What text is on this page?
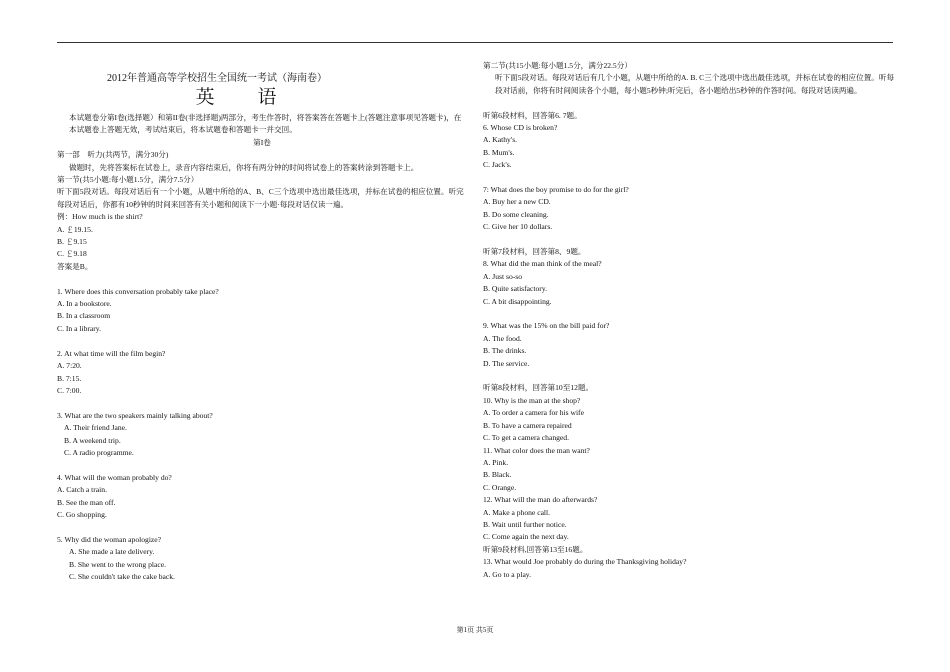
2012年普通高等学校招生全国统一考试（海南卷）
英　语
本试题卷分第I卷(选择题）和第II卷(非选择题)两部分，考生作答时，将答案答在答题卡上(答题注意事项见答题卡)，在本试题卷上答题无效，考试结束后，将本试题卷和答题卡一并交回。
第I卷
第一部　听力(共两节，满分30分)
做题时，先将答案标在试卷上，录音内容结束后，你将有两分钟的时间将试卷上的答案转涂到答题卡上。
第一节(共5小题:每小题1.5分，满分7.5分）
听下面5段对话。每段对话后有一个小题，从题中所给的A、B、C三个选项中选出最佳选项，并标在试卷的相应位置。听完每段对话后，你都有10秒钟的时间来回答有关小题和阅读下一小题·每段对话仅读一遍。
例：How much is the shirt?
A. ￡19.15.
B. ￡9.15
C. ￡9.18
答案是B。
1. Where does this conversation probably take place?
A. In a bookstore.
B. In a classroom
C. In a library.
2. At what time will the film begin?
A. 7:20.
B. 7:15.
C. 7:00.
3. What are the two speakers mainly talking about?
A. Their friend Jane.
B. A weekend trip.
C. A radio programme.
4. What will the woman probably do?
A. Catch a train.
B. See the man off.
C. Go shopping.
5. Why did the woman apologize?
A. She made a late delivery.
B. She went to the wrong place.
C. She couldn't take the cake back.
第二节(共15小题:每小题1.5分，满分22.5分）
听下面5段对话。每段对话后有几个小题，从题中所给的A. B. C三个选项中选出最佳选项，并标在试卷的相应位置。听每段对话前，你将有时间阅读各个小题，每小题5秒钟;听完后，各小题给出5秒钟的作答时间。每段对话读两遍。
听第6段材料，回答第6. 7题。
6. Whose CD is broken?
A. Kathy's.
B. Mum's.
C. Jack's.
7: What does the boy promise to do for the girl?
A. Buy her a new CD.
B. Do some cleaning.
C. Give her 10 dollars.
听第7段材料，回答第8、9题。
8. What did the man think of the meal?
A. Just so-so
B. Quite satisfactory.
C. A bit disappointing.
9. What was the 15% on the bill paid for?
A. The food.
B. The drinks.
D. The service.
听第8段材料，回答第10至12题。
10. Why is the man at the shop?
A. To order a camera for his wife
B. To have a camera repaired
C. To get a camera changed.
11. What color does the man want?
A. Pink.
B. Black.
C. Orange.
12. What will the man do afterwards?
A. Make a phone call.
B. Wait until further notice.
C. Come again the next day.
听第9段材料,回答第13至16题。
13. What would Joe probably do during the Thanksgiving holiday?
A. Go to a play.
第1页 共5页
